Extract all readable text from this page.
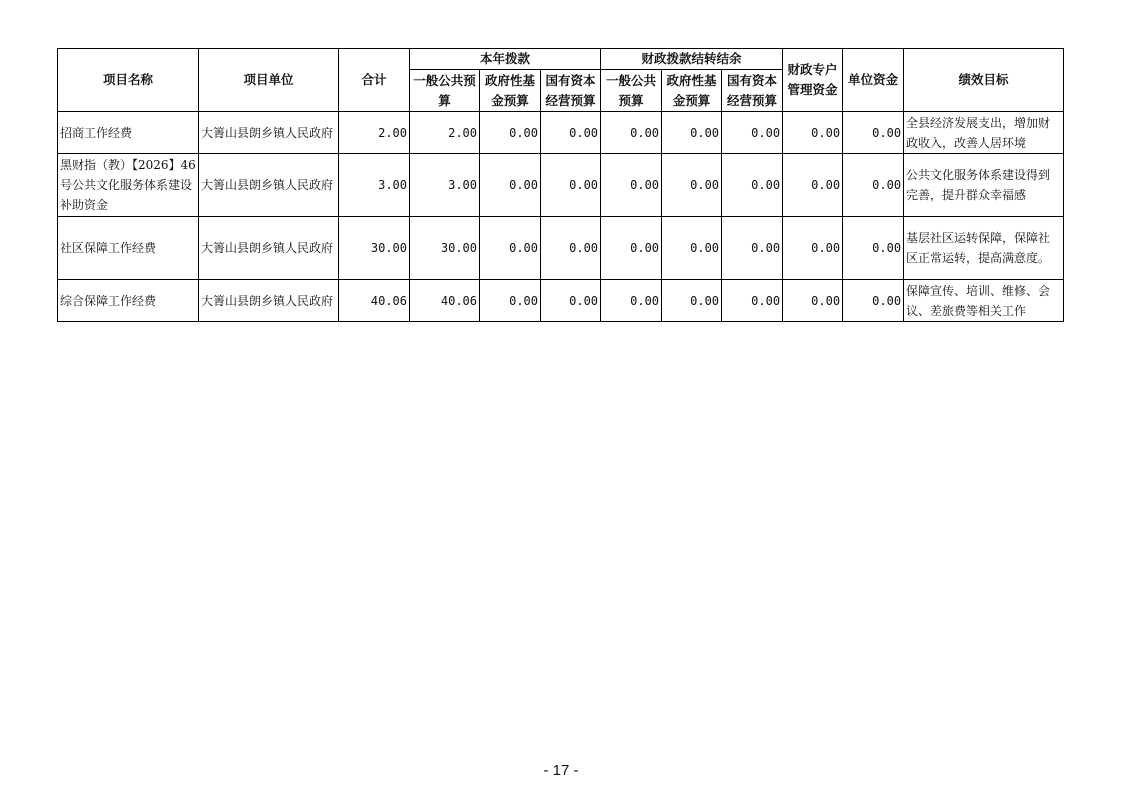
项目名称	项目单位	合计	本年拨款			财政拨款结转结余			财政专户管理资金	单位资金	绩效目标
			一般公共预算	政府性基金预算	国有资本经营预算	一般公共预算	政府性基金预算	国有资本经营预算			
招商工作经费	大箐山县朗乡镇人民政府	2.00	2.00	0.00	0.00	0.00	0.00	0.00	0.00	0.00	全县经济发展支出，增加财政收入，改善人居环境
黑财指（教）【2026】46号公共文化服务体系建设补助资金	大箐山县朗乡镇人民政府	3.00	3.00	0.00	0.00	0.00	0.00	0.00	0.00	0.00	公共文化服务体系建设得到完善，提升群众幸福感
社区保障工作经费	大箐山县朗乡镇人民政府	30.00	30.00	0.00	0.00	0.00	0.00	0.00	0.00	0.00	基层社区运转保障，保障社区正常运转，提高满意度。
综合保障工作经费	大箐山县朗乡镇人民政府	40.06	40.06	0.00	0.00	0.00	0.00	0.00	0.00	0.00	保障宣传、培训、维修、会议、差旅费等相关工作
- 17 -
